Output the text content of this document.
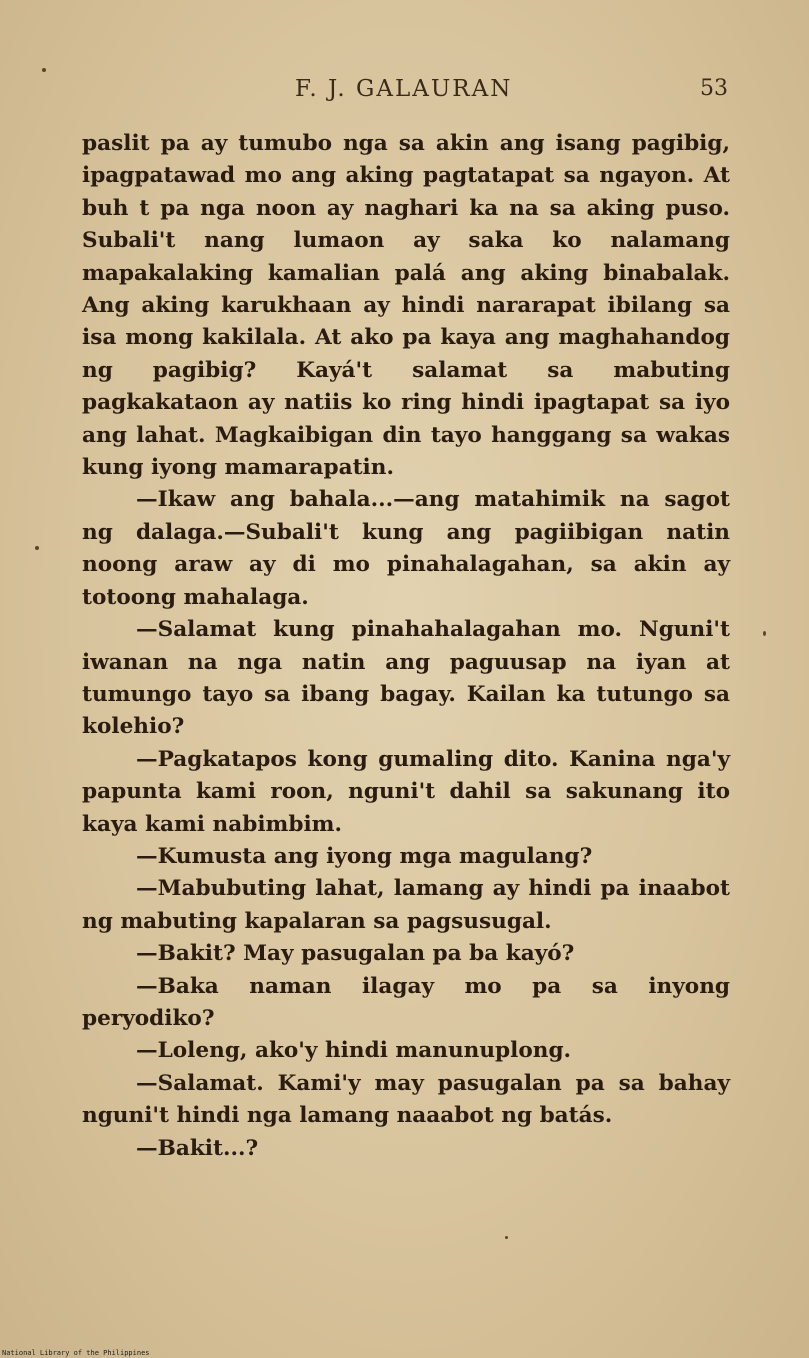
F. J. GALAURAN	53

paslit pa ay tumubo nga sa akin ang isang pagibig, ipagpatawad mo ang aking pagtatapat sa ngayon. At buh t pa nga noon ay naghari ka na sa aking puso. Subali't nang lumaon ay saka ko nalamang mapakalaking kamalian palá ang aking binabalak. Ang aking karukhaan ay hindi nararapat ibilang sa isa mong kakilala. At ako pa kaya ang maghahandog ng pagibig? Kayá't salamat sa mabuting pagkakataon ay natiis ko ring hindi ipagtapat sa iyo ang lahat. Magkaibigan din tayo hanggang sa wakas kung iyong mamarapatin.

—Ikaw ang bahala...—ang matahimik na sagot ng dalaga.—Subali't kung ang pagiibigan natin noong araw ay di mo pinahalagahan, sa akin ay totoong mahalaga.

—Salamat kung pinahahalagahan mo. Nguni't iwanan na nga natin ang paguusap na iyan at tumungo tayo sa ibang bagay. Kailan ka tutungo sa kolehio?

—Pagkatapos kong gumaling dito. Kanina nga'y papunta kami roon, nguni't dahil sa sakunang ito kaya kami nabimbim.

—Kumusta ang iyong mga magulang?

—Mabubuting lahat, lamang ay hindi pa inaabot ng mabuting kapalaran sa pagsusugal.

—Bakit? May pasugalan pa ba kayó?

—Baka naman ilagay mo pa sa inyong peryodiko?

—Loleng, ako'y hindi manunuplong.

—Salamat. Kami'y may pasugalan pa sa bahay nguni't hindi nga lamang naaabot ng batás.

—Bakit...?

National Library of the Philippines
